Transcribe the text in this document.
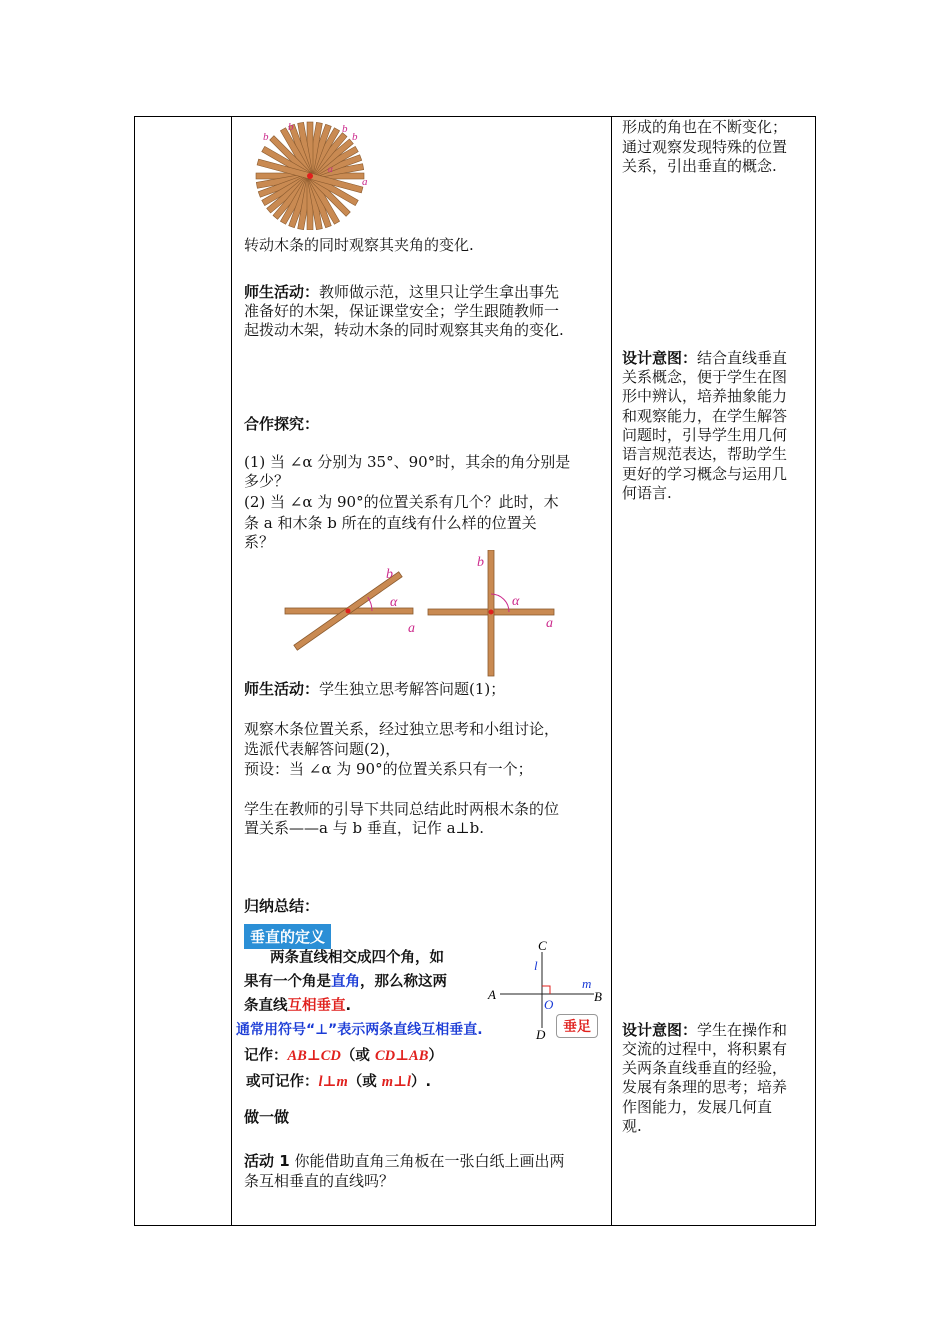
b
b	b
b
a
α
转动木条的同时观察其夹角的变化.
师生活动：教师做示范，这里只让学生拿出事先
准备好的木架，保证课堂安全；学生跟随教师一
起拨动木架，转动木条的同时观察其夹角的变化.
合作探究：
(1) 当 ∠α 分别为 35°、90°时，其余的角分别是
多少？
(2) 当 ∠α 为 90°的位置关系有几个？此时，木
条 a 和木条 b 所在的直线有什么样的位置关
系？
b
α
a
b
α
a
师生活动：学生独立思考解答问题(1)；
观察木条位置关系，经过独立思考和小组讨论，
选派代表解答问题(2)，
预设：当 ∠α 为 90°的位置关系只有一个；
学生在教师的引导下共同总结此时两根木条的位
置关系——a 与 b 垂直，记作 a⊥b.
归纳总结：
垂直的定义
两条直线相交成四个角，如
果有一个角是直角，那么称这两
条直线互相垂直.
通常用符号“⊥”表示两条直线互相垂直.
记作：AB⊥CD（或 CD⊥AB）
或可记作：l⊥m（或 m⊥l）.
C
l
m
A	B
O
D	垂足
做一做
活动 1 你能借助直角三角板在一张白纸上画出两
条互相垂直的直线吗？
形成的角也在不断变化；
通过观察发现特殊的位置
关系，引出垂直的概念.
设计意图：结合直线垂直
关系概念，便于学生在图
形中辨认，培养抽象能力
和观察能力，在学生解答
问题时，引导学生用几何
语言规范表达，帮助学生
更好的学习概念与运用几
何语言.
设计意图：学生在操作和
交流的过程中，将积累有
关两条直线垂直的经验，
发展有条理的思考；培养
作图能力，发展几何直
观.
